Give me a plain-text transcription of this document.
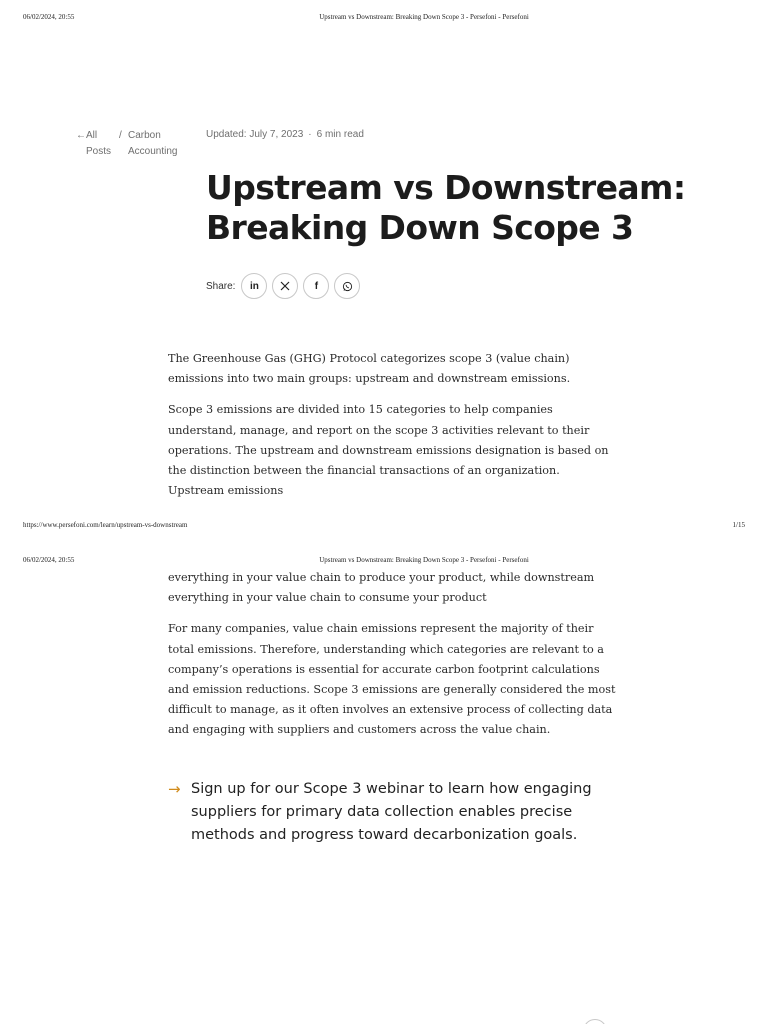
06/02/2024, 20:55	Upstream vs Downstream: Breaking Down Scope 3 - Persefoni - Persefoni
← All Posts
/ Carbon Accounting
Updated: July 7, 2023 · 6 min read
Upstream vs Downstream: Breaking Down Scope 3
Share: in	f

The Greenhouse Gas (GHG) Protocol categorizes scope 3 (value chain) emissions into two main groups: upstream and downstream emissions.

Scope 3 emissions are divided into 15 categories to help companies understand, manage, and report on the scope 3 activities relevant to their operations. The upstream and downstream emissions designation is based on the distinction between the financial transactions of an organization. Upstream emissions

https://www.persefoni.com/learn/upstream-vs-downstream	1/15
06/02/2024, 20:55	Upstream vs Downstream: Breaking Down Scope 3 - Persefoni - Persefoni

everything in your value chain to produce your product, while downstream everything in your value chain to consume your product

For many companies, value chain emissions represent the majority of their total emissions. Therefore, understanding which categories are relevant to a company’s operations is essential for accurate carbon footprint calculations and emission reductions. Scope 3 emissions are generally considered the most difficult to manage, as it often involves an extensive process of collecting data and engaging with suppliers and customers across the value chain.

→ Sign up for our Scope 3 webinar to learn how engaging suppliers for primary data collection enables precise methods and progress toward decarbonization goals.
